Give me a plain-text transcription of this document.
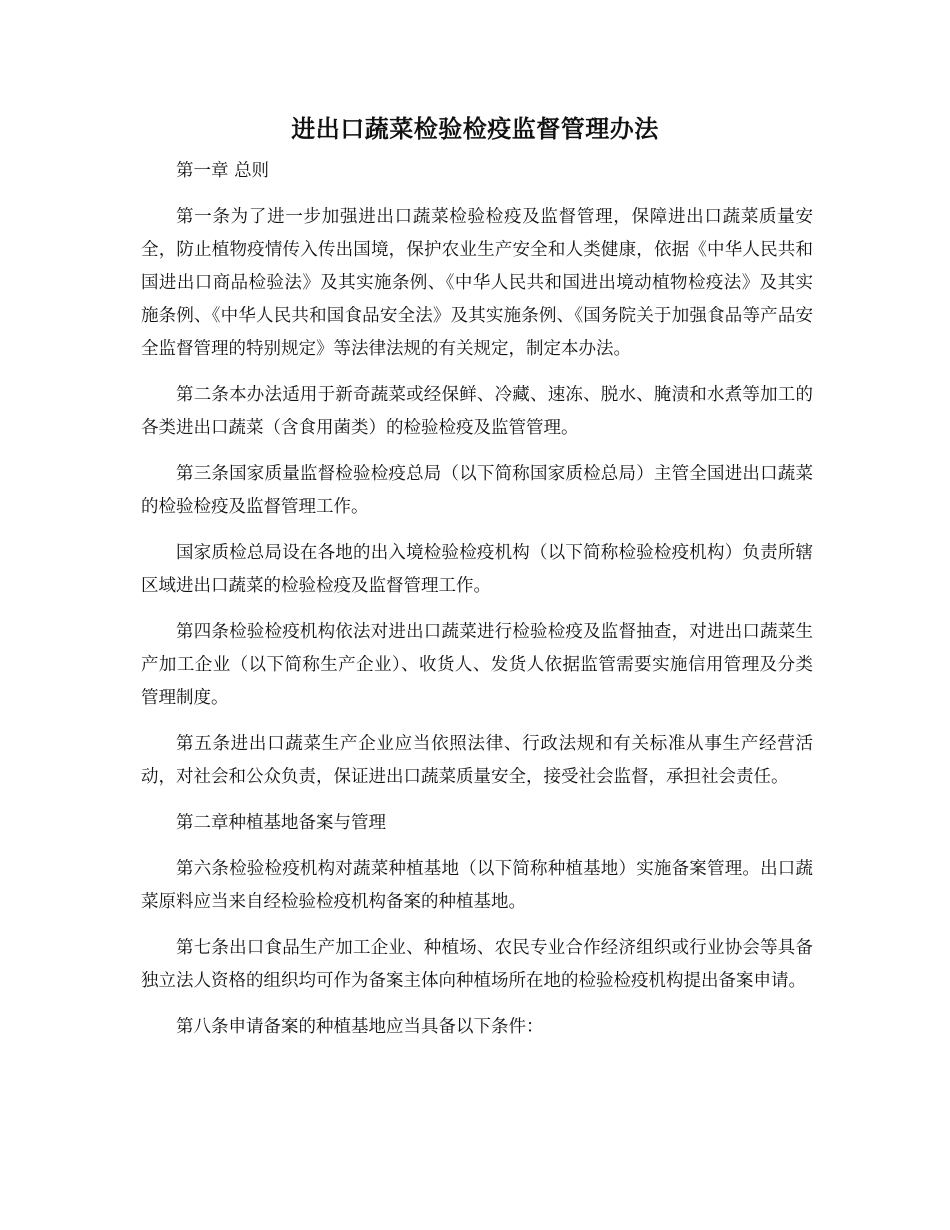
进出口蔬菜检验检疫监督管理办法

第一章 总则

第一条为了进一步加强进出口蔬菜检验检疫及监督管理，保障进出口蔬菜质量安全，防止植物疫情传入传出国境，保护农业生产安全和人类健康，依据《中华人民共和国进出口商品检验法》及其实施条例、《中华人民共和国进出境动植物检疫法》及其实施条例、《中华人民共和国食品安全法》及其实施条例、《国务院关于加强食品等产品安全监督管理的特别规定》等法律法规的有关规定，制定本办法。

第二条本办法适用于新奇蔬菜或经保鲜、冷藏、速冻、脱水、腌渍和水煮等加工的各类进出口蔬菜（含食用菌类）的检验检疫及监管管理。

第三条国家质量监督检验检疫总局（以下简称国家质检总局）主管全国进出口蔬菜的检验检疫及监督管理工作。

国家质检总局设在各地的出入境检验检疫机构（以下简称检验检疫机构）负责所辖区域进出口蔬菜的检验检疫及监督管理工作。

第四条检验检疫机构依法对进出口蔬菜进行检验检疫及监督抽查，对进出口蔬菜生产加工企业（以下简称生产企业）、收货人、发货人依据监管需要实施信用管理及分类管理制度。

第五条进出口蔬菜生产企业应当依照法律、行政法规和有关标准从事生产经营活动，对社会和公众负责，保证进出口蔬菜质量安全，接受社会监督，承担社会责任。

第二章种植基地备案与管理

第六条检验检疫机构对蔬菜种植基地（以下简称种植基地）实施备案管理。出口蔬菜原料应当来自经检验检疫机构备案的种植基地。

第七条出口食品生产加工企业、种植场、农民专业合作经济组织或行业协会等具备独立法人资格的组织均可作为备案主体向种植场所在地的检验检疫机构提出备案申请。

第八条申请备案的种植基地应当具备以下条件：
